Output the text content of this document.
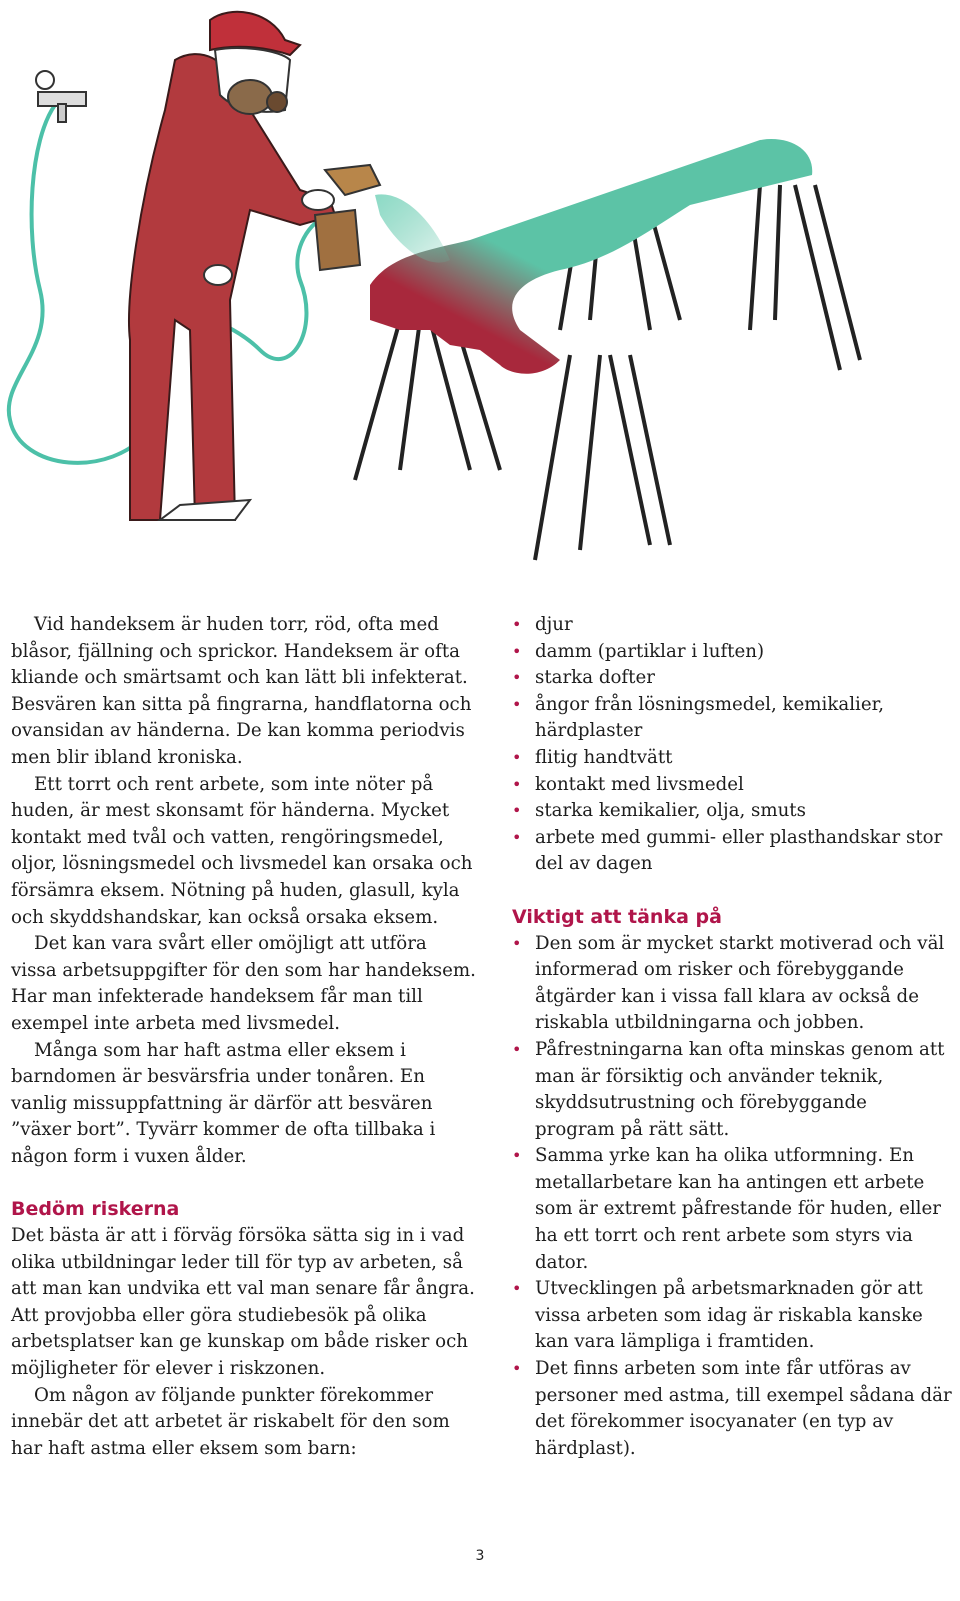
Vid handeksem är huden torr, röd, ofta med blåsor, fjällning och sprickor. Handeksem är ofta kliande och smärtsamt och kan lätt bli infekterat. Besvären kan sitta på fingrarna, handflatorna och ovansidan av händerna. De kan komma periodvis men blir ibland kroniska.

Ett torrt och rent arbete, som inte nöter på huden, är mest skonsamt för händerna. Mycket kontakt med tvål och vatten, rengöringsmedel, oljor, lösningsmedel och livsmedel kan orsaka och försämra eksem. Nötning på huden, glasull, kyla och skyddshandskar, kan också orsaka eksem.

Det kan vara svårt eller omöjligt att utföra vissa arbetsuppgifter för den som har handeksem. Har man infekterade handeksem får man till exempel inte arbeta med livsmedel.

Många som har haft astma eller eksem i barndomen är besvärsfria under tonåren. En vanlig missuppfattning är därför att besvären ”växer bort”. Tyvärr kommer de ofta tillbaka i någon form i vuxen ålder.

Bedöm riskerna

Det bästa är att i förväg försöka sätta sig in i vad olika utbildningar leder till för typ av arbeten, så att man kan undvika ett val man senare får ångra. Att provjobba eller göra studiebesök på olika arbetsplatser kan ge kunskap om både risker och möjligheter för elever i riskzonen.

Om någon av följande punkter förekommer innebär det att arbetet är riskabelt för den som har haft astma eller eksem som barn:

• djur
• damm (partiklar i luften)
• starka dofter
• ångor från lösningsmedel, kemikalier, härdplaster
• flitig handtvätt
• kontakt med livsmedel
• starka kemikalier, olja, smuts
• arbete med gummi- eller plasthandskar stor del av dagen
Viktigt att tänka på
• Den som är mycket starkt motiverad och väl informerad om risker och förebyggande åtgärder kan i vissa fall klara av också de riskabla utbildningarna och jobben.
• Påfrestningarna kan ofta minskas genom att man är försiktig och använder teknik, skyddsutrustning och förebyggande program på rätt sätt.
• Samma yrke kan ha olika utformning. En metallarbetare kan ha antingen ett arbete som är extremt påfrestande för huden, eller ha ett torrt och rent arbete som styrs via dator.
• Utvecklingen på arbetsmarknaden gör att vissa arbeten som idag är riskabla kanske kan vara lämpliga i framtiden.
• Det finns arbeten som inte får utföras av personer med astma, till exempel sådana där det förekommer isocyanater (en typ av härdplast).
3
